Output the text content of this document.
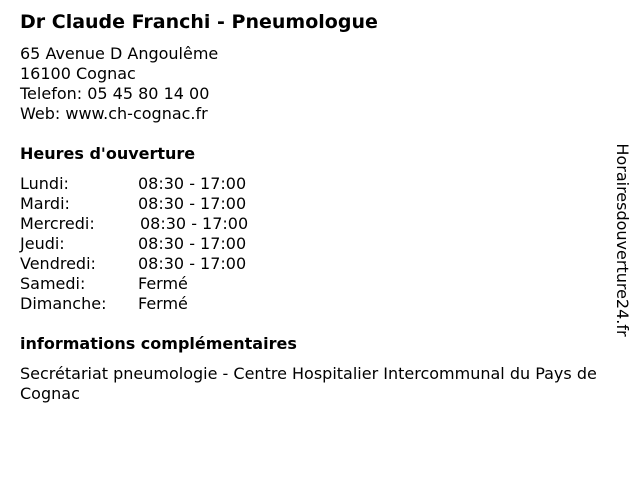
Dr Claude Franchi - Pneumologue
65 Avenue D Angoulême
16100 Cognac
Telefon: 05 45 80 14 00
Web: www.ch-cognac.fr
Heures d'ouverture
Lundi:	08:30 - 17:00
Mardi:	08:30 - 17:00
Mercredi:	08:30 - 17:00
Jeudi:	08:30 - 17:00
Vendredi:	08:30 - 17:00
Samedi:	Fermé
Dimanche: Fermé
informations complémentaires
Secrétariat pneumologie - Centre Hospitalier Intercommunal du Pays de Cognac
Horairesdouverture24.fr
